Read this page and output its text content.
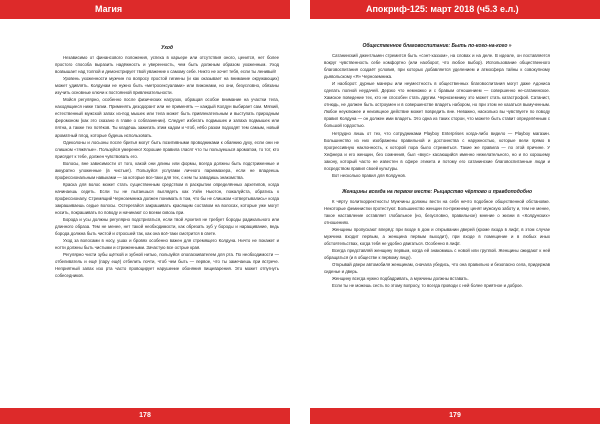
Магия
Уход

Независимо от финансового положения, успеха в карьере или отсутствия оного, ценится, нет более простого способа выразить надёжность и уверенность, чем быть должным образом ухоженным. Уход возвышает над толпой и демонстрирует твой уважение к самому себе. Никто не хочет тебя, если ты ленивый!

Уровень ухоженности мужчин по вопросу простой гигиены (и как оказывает на внимание окружающих) может удивлять. Колдунам не нужно быть «метросексуалами» или пижонами, но они, безусловно, обязаны изучить основные ключи к постоянной привлекательности.

Мойся регулярно, особенно после физических нагрузок, обращая особое внимание на участки тела, находящиеся ниже талии. Применять дезодорант или не применять — каждый Колдун выбирает сам. Мягкий, естественный мужской запах из-под мышек или тела может быть привлекательным и выступать природным феромоном (как это сказано в главе о соблазнении). Следует избегать подмышек и запаха подмышек или пятна, а также тех потёков. Ты кладёшь зажигать этим кадом и чтоб, нёбо разом подходят тем самым, новый ароматный плод, которые будешь использовать.

Одеколоны и лосьоны после бритья могут быть позитивными проводниками к обаянию духу, если они не слишком «тяжёлые». Пользуйся умеренно! Хорошие правила гласят что ты пользуешься ароматом, то тот, кто присядет к тебе, должен чувствовать его.

Волосы, вне зависимости от того, какой они длины или формы, всегда должны быть подстриженные и аккуратно уложенные (в чистые!). Пользуйся услугами личного парикмахера, если не владеешь профессиональным навыками — за которые все-таки для тех, с кем ты заводишь знакомства.

Краска для волос может стать существенным средством в раскрытии определённых архетипов, когда начинаешь седеть. Если ты не пытаешься выглядеть как Уэйн Ньютон, пожалуйста, обратись к профессионалу. Стремящий Черноземника должен понимать в том, что бы не слишком «отвертывались» когда закрашиваешь седые волосы. Остерегайся закрашивать красящим составом на волосах, которые уже могут носить, покрашивать по поводу и начинают со всеми сквозь при.

Борода и усы должны регулярно подстригаться, если твой Архетип не требует бороды радикального или длинного образа. Тем не менее, нет такой необходимости, как обрезать зуб у бороды и наращивание, ведь борода должна быть чистой и отросшей так, как она всё-таки смотрится в свете.

Уход за волосами в носу, ушах и бровях особенно важен для стремящего Колдуна. Ничто не покажет и ногти должны быть чистыми и стриженными. Зачастую все острые края.

Регулярно чисти зубы щёткой и зубной нитью, пользуйся ополаскивателем для рта. По необходимости — отбеливатель и ещё (пару ещё) отбелить почти, чтоб чем быть — первое, что ты замечаешь при встрече. Неприятный запах изо рта часто провоцирует нарушение обоняния пищеварения. Это может отпугнуть собеседников.

178
Апокриф-125: март 2018 (ч5.3 е.л.)
Общественное благовоспитание: Быть по-кого-на-кого »

Сатанинский джентльмен стремится быть «сэнт-хаззом», на словах и на деле. В идеале, он поставляется вокруг чувственность себе комфортно (или наоборот, что любое выбор). Использование общественного благовоспитания создаёт условия, при которых добавляется уделением и атмосфера тайны к совокупному дьявольскому «Я» Черноземника.

И наоборот: дурные манеры или неуместность в общественных благовоспитания могут даже Адониса сделать полной неудачей. Дерзко что немножко и с бравым отношением — совершенно не-сатанинское. Хамское поведение тех, кто не способен стать другим. Черноземнику это может стать катастрофой. Сатанист, отнюдь, не должен быть остроумен и в совершенстве владеть набором, но при этом не казаться вымученным. Любое неуклюжее и неизящное действие может повредить вне. Неважно, насколько вы чувствуете по поводу правил Колдуна — он должен ими владеть. Это одна из таких сторон, что можете быть ставит определённым с большой гордостью.

Нетрудно лишь от тех, что сотрудниками Playboy Enterprises когда-либо видело — Playboy магазин. Большинство из них изображены правильной и достоинства с наружностью, которые вели прямо в прогрессивную наклонность, к которой пора было стремиться. Такие же правила — по этой причине. У Хефнера и его женщин, без сомнения, был «вкус» касающийся именно нежелательного, но и по хорошему закону, который часто не известен в сфере этикета и потому его сатанинские благовоспитанные люди и посредством правил своей культуры.

Вот несколько правил для Колдунов.

Женщины всегда на первом месте: Рыцарство чёртово и правдоподобно

К чёрту политкорректность! Мужчины должны вести на себя нечто подобное общественной обстановке. Некоторые феминистки протестуют. Большинство женщин по-прежнему ценят мужскую заботу и, тем не менее, такое наставление оставляет глобальное (но, безусловно, правильное) мнение о жизни в «Колдунских» отношениях.

Женщины пропускают вперёд: при входе в дом и открывании дверей (кроме входа в лифт, в этом случае мужчина входит первым, а женщина первым выходит), при входе в помещение и в любых иных обстоятельствах, когда тебя не удобно двигаться. Особенно в лифт.

Всегда представляй женщину первым, когда ей знакомишь с новой или группой. Женщины ожидают к ней обращаться (и в обществе к первому лицу).

Открывай двери автомобиля женщинам, сначала убедись, что она правильно и безопасно села, придержав сиденье и дверь.

Женщину всегда нужно подбадривать, а мужчины должны вставать.

Если ты не можешь сесть по этому вопросу, то всегда проводи с ней более приятное и доброе.

179
